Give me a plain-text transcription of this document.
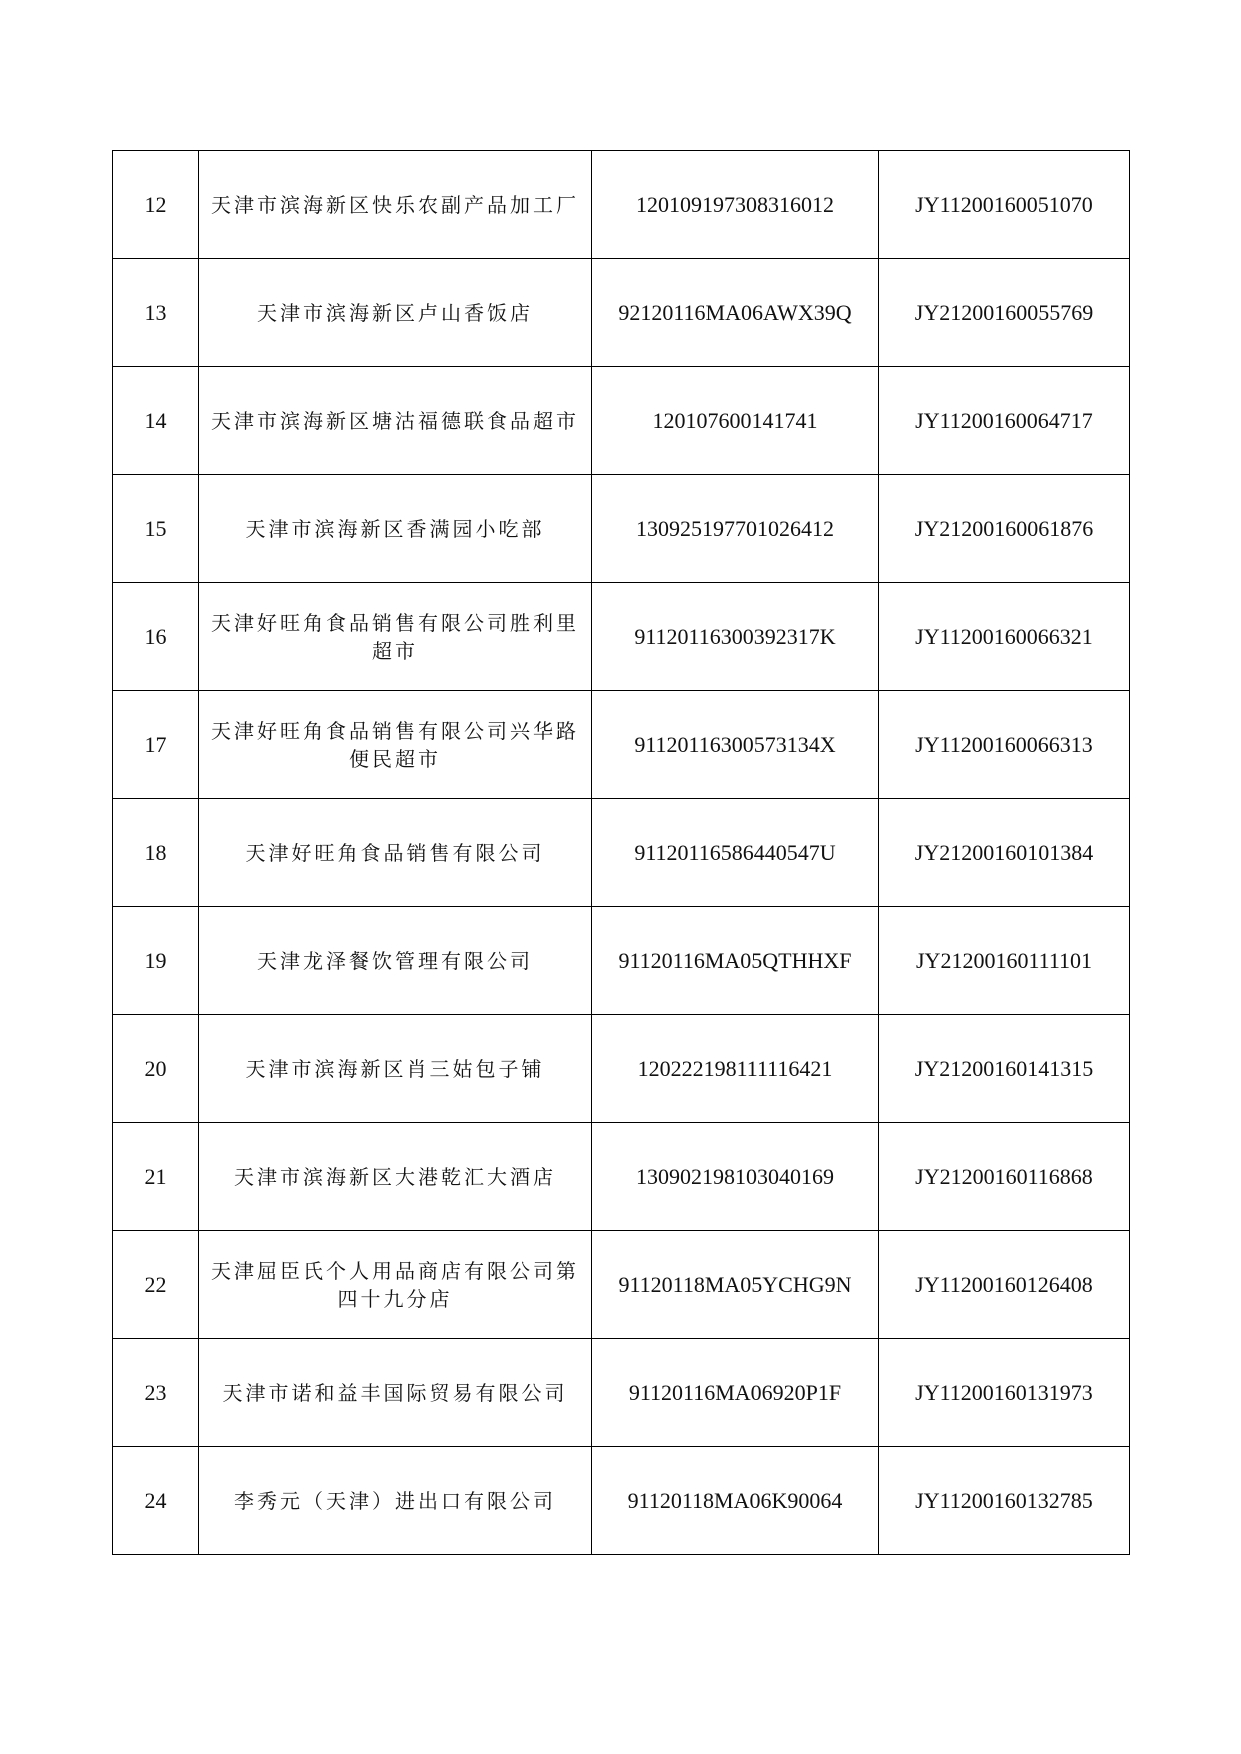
12	天津市滨海新区快乐农副产品加工厂	120109197308316012	JY11200160051070
13	天津市滨海新区卢山香饭店	92120116MA06AWX39Q	JY21200160055769
14	天津市滨海新区塘沽福德联食品超市	120107600141741	JY11200160064717
15	天津市滨海新区香满园小吃部	130925197701026412	JY21200160061876
16	天津好旺角食品销售有限公司胜利里超市	91120116300392317K	JY11200160066321
17	天津好旺角食品销售有限公司兴华路便民超市	91120116300573134X	JY11200160066313
18	天津好旺角食品销售有限公司	91120116586440547U	JY21200160101384
19	天津龙泽餐饮管理有限公司	91120116MA05QTHHXF	JY21200160111101
20	天津市滨海新区肖三姑包子铺	120222198111116421	JY21200160141315
21	天津市滨海新区大港乾汇大酒店	130902198103040169	JY21200160116868
22	天津屈臣氏个人用品商店有限公司第四十九分店	91120118MA05YCHG9N	JY11200160126408
23	天津市诺和益丰国际贸易有限公司	91120116MA06920P1F	JY11200160131973
24	李秀元（天津）进出口有限公司	91120118MA06K90064	JY11200160132785
